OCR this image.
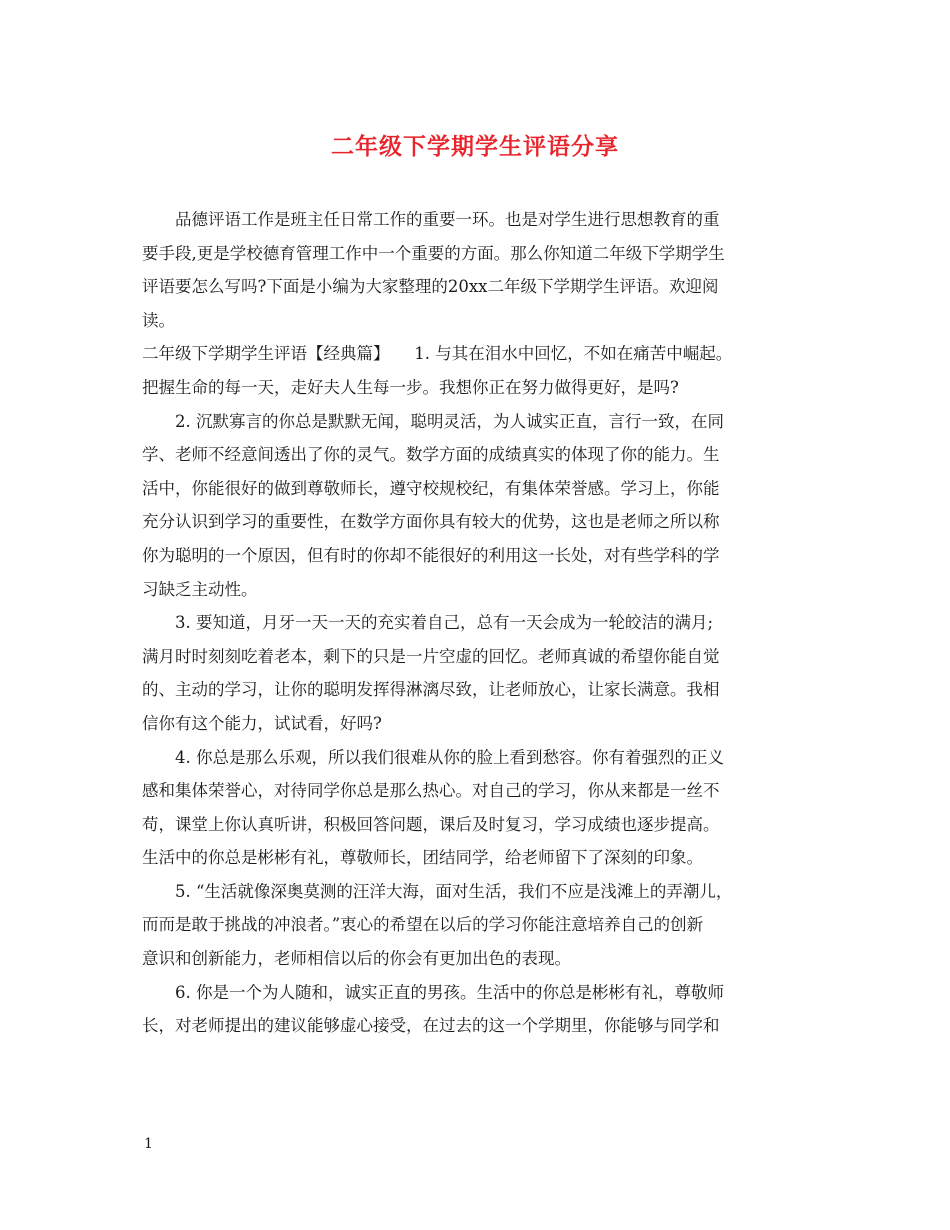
二年级下学期学生评语分享
　　品德评语工作是班主任日常工作的重要一环。也是对学生进行思想教育的重
要手段,更是学校德育管理工作中一个重要的方面。那么你知道二年级下学期学生
评语要怎么写吗?下面是小编为大家整理的20xx二年级下学期学生评语。欢迎阅
读。
二年级下学期学生评语【经典篇】　　1. 与其在泪水中回忆，不如在痛苦中崛起。
把握生命的每一天，走好夫人生每一步。我想你正在努力做得更好，是吗?
　　2. 沉默寡言的你总是默默无闻，聪明灵活，为人诚实正直，言行一致，在同
学、老师不经意间透出了你的灵气。数学方面的成绩真实的体现了你的能力。生
活中，你能很好的做到尊敬师长，遵守校规校纪，有集体荣誉感。学习上，你能
充分认识到学习的重要性，在数学方面你具有较大的优势，这也是老师之所以称
你为聪明的一个原因，但有时的你却不能很好的利用这一长处，对有些学科的学
习缺乏主动性。
　　3. 要知道，月牙一天一天的充实着自己，总有一天会成为一轮皎洁的满月;
满月时时刻刻吃着老本，剩下的只是一片空虚的回忆。老师真诚的希望你能自觉
的、主动的学习，让你的聪明发挥得淋漓尽致，让老师放心，让家长满意。我相
信你有这个能力，试试看，好吗?
　　4. 你总是那么乐观，所以我们很难从你的脸上看到愁容。你有着强烈的正义
感和集体荣誉心，对待同学你总是那么热心。对自己的学习，你从来都是一丝不
苟，课堂上你认真听讲，积极回答问题，课后及时复习，学习成绩也逐步提高。
生活中的你总是彬彬有礼，尊敬师长，团结同学，给老师留下了深刻的印象。
　　5. “生活就像深奥莫测的汪洋大海，面对生活，我们不应是浅滩上的弄潮儿，
而而是敢于挑战的冲浪者。”衷心的希望在以后的学习你能注意培养自己的创新
意识和创新能力，老师相信以后的你会有更加出色的表现。
　　6. 你是一个为人随和，诚实正直的男孩。生活中的你总是彬彬有礼，尊敬师
长，对老师提出的建议能够虚心接受，在过去的这一个学期里，你能够与同学和
1
